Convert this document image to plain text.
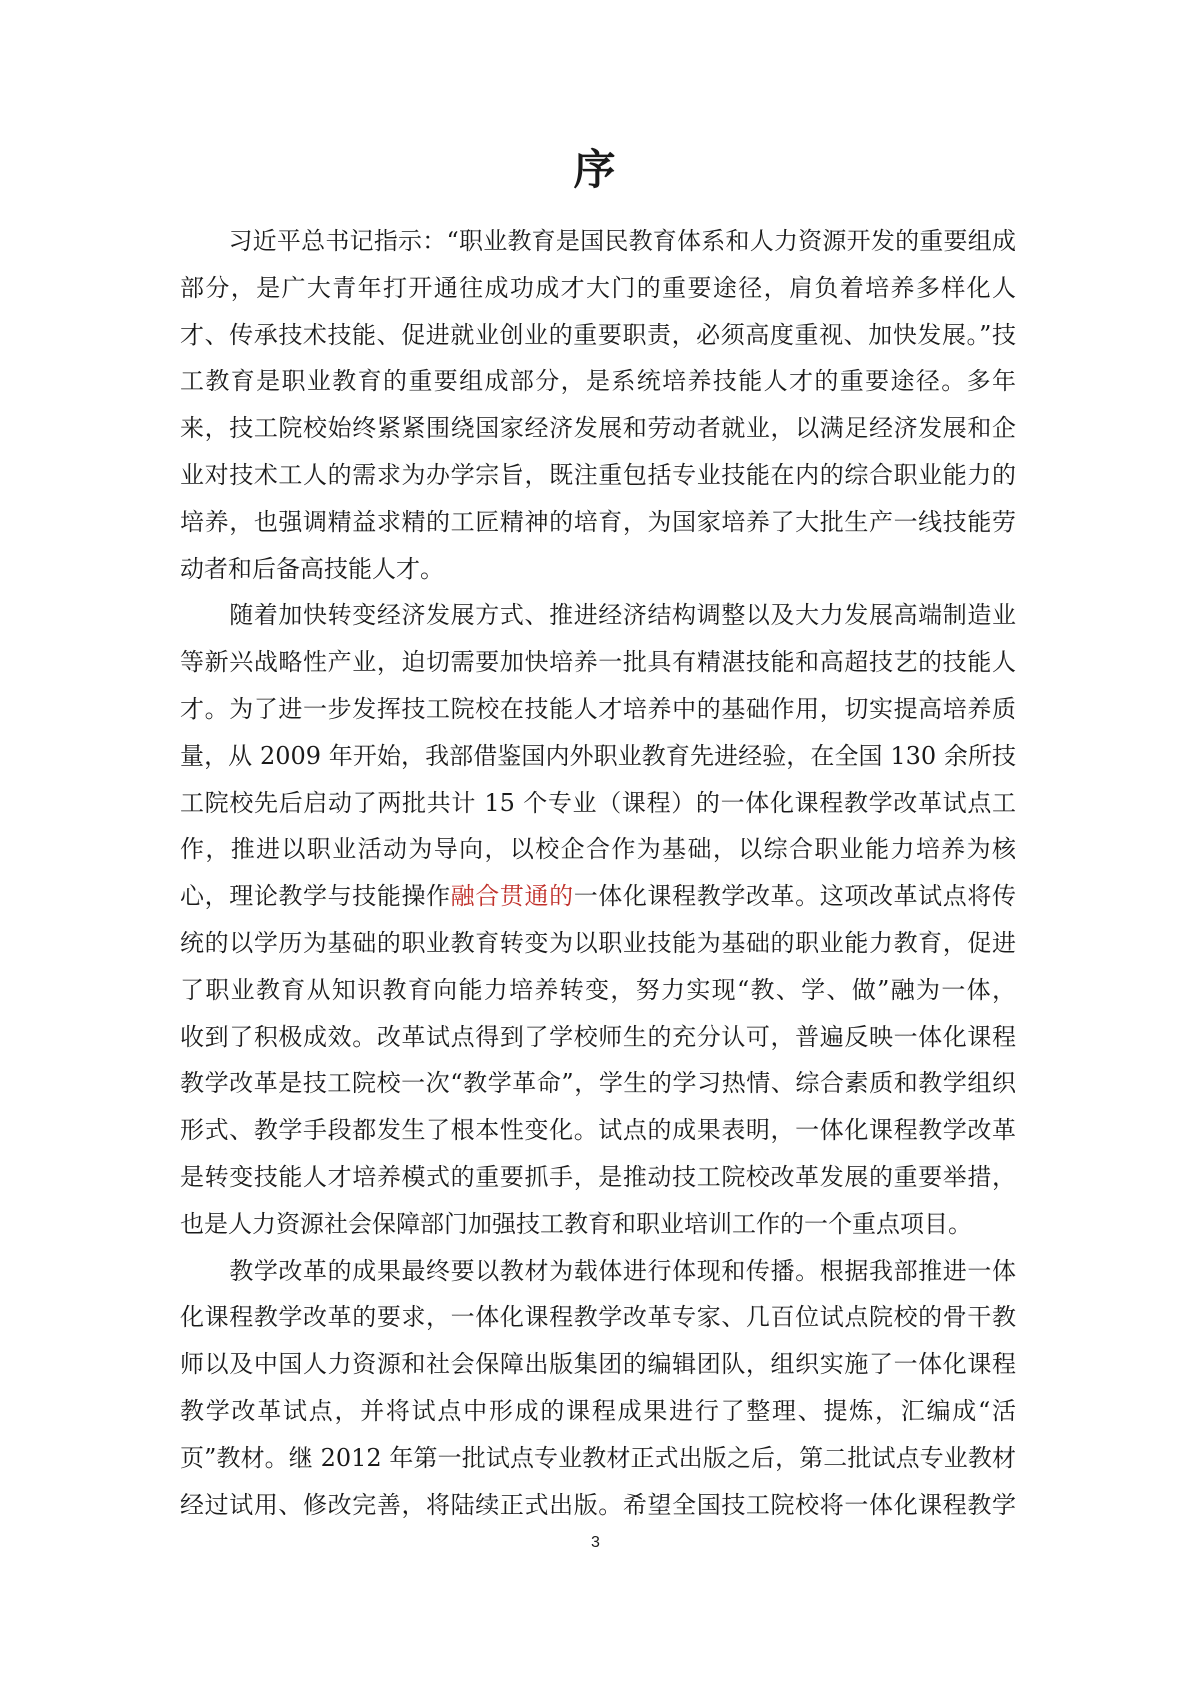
序
　　习近平总书记指示：“职业教育是国民教育体系和人力资源开发的重要组成
部分，是广大青年打开通往成功成才大门的重要途径，肩负着培养多样化人
才、传承技术技能、促进就业创业的重要职责，必须高度重视、加快发展。”技
工教育是职业教育的重要组成部分，是系统培养技能人才的重要途径。多年
来，技工院校始终紧紧围绕国家经济发展和劳动者就业，以满足经济发展和企
业对技术工人的需求为办学宗旨，既注重包括专业技能在内的综合职业能力的
培养，也强调精益求精的工匠精神的培育，为国家培养了大批生产一线技能劳
动者和后备高技能人才。
　　随着加快转变经济发展方式、推进经济结构调整以及大力发展高端制造业
等新兴战略性产业，迫切需要加快培养一批具有精湛技能和高超技艺的技能人
才。为了进一步发挥技工院校在技能人才培养中的基础作用，切实提高培养质
量，从 2009 年开始，我部借鉴国内外职业教育先进经验，在全国 130 余所技
工院校先后启动了两批共计 15 个专业（课程）的一体化课程教学改革试点工
作，推进以职业活动为导向，以校企合作为基础，以综合职业能力培养为核
心，理论教学与技能操作融合贯通的一体化课程教学改革。这项改革试点将传
统的以学历为基础的职业教育转变为以职业技能为基础的职业能力教育，促进
了职业教育从知识教育向能力培养转变，努力实现“教、学、做”融为一体，
收到了积极成效。改革试点得到了学校师生的充分认可，普遍反映一体化课程
教学改革是技工院校一次“教学革命”，学生的学习热情、综合素质和教学组织
形式、教学手段都发生了根本性变化。试点的成果表明，一体化课程教学改革
是转变技能人才培养模式的重要抓手，是推动技工院校改革发展的重要举措，
也是人力资源社会保障部门加强技工教育和职业培训工作的一个重点项目。
　　教学改革的成果最终要以教材为载体进行体现和传播。根据我部推进一体
化课程教学改革的要求，一体化课程教学改革专家、几百位试点院校的骨干教
师以及中国人力资源和社会保障出版集团的编辑团队，组织实施了一体化课程
教学改革试点，并将试点中形成的课程成果进行了整理、提炼，汇编成“活
页”教材。继 2012 年第一批试点专业教材正式出版之后，第二批试点专业教材
经过试用、修改完善，将陆续正式出版。希望全国技工院校将一体化课程教学
3
